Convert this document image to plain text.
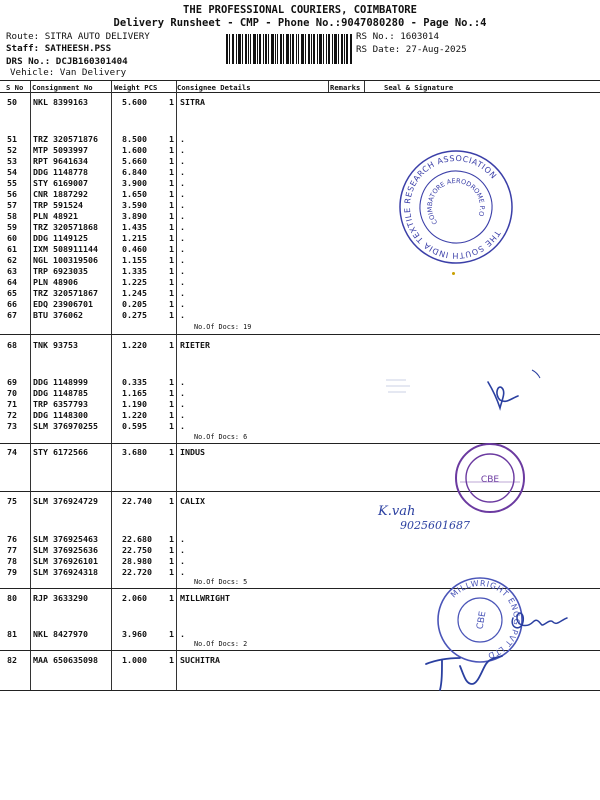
THE PROFESSIONAL COURIERS, COIMBATORE
Delivery Runsheet - CMP - Phone No.:9047080280 - Page No.:4
Route: SITRA AUTO DELIVERY
Staff: SATHEESH.PSS
DRS No.: DCJB160301404
Vehicle: Van Delivery
RS No.: 1603014
RS Date: 27-Aug-2025
S No Consignment No	Weight PCS	Consignee Details	Remarks	Seal & Signature
50 NKL 8399163	5.600	1 SITRA
51 TRZ 320571876	8.500	1 .
52 MTP 5093997	1.600	1 .
53 RPT 9641634	5.660	1 .
54 DDG 1148778	6.840	1 .
55 STY 6169007	3.900	1 .
56 CNR 1887292	1.650	1 .
57 TRP 591524	3.590	1 .
58 PLN 48921	3.890	1 .
59 TRZ 320571868	1.435	1 .
60 DDG 1149125	1.215	1 .
61 IXM 508911144	0.460	1 .
62 NGL 100319506	1.155	1 .
63 TRP 6923035	1.335	1 .
64 PLN 48906	1.225	1 .
65 TRZ 320571867	1.245	1 .
66 EDQ 23906701	0.205	1 .
67 BTU 376062	0.275	1 .
No.Of Docs: 19
68 TNK 93753	1.220	1 RIETER
69 DDG 1148999	0.335	1 .
70 DDG 1148785	1.165	1 .
71 TRP 6357793	1.190	1 .
72 DDG 1148300	1.220	1 .
73 SLM 376970255	0.595	1 .
No.Of Docs: 6
74 STY 6172566	3.680	1 INDUS
75 SLM 376924729	22.740	1 CALIX
76 SLM 376925463	22.680	1 .
77 SLM 376925636	22.750	1 .
78 SLM 376926101	28.980	1 .
79 SLM 376924318	22.720	1 .
No.Of Docs: 5
80 RJP 3633290	2.060	1 MILLWRIGHT
81 NKL 8427970	3.960	1 .
No.Of Docs: 2
82 MAA 650635098	1.000	1 SUCHITRA
THE SOUTH INDIA TEXTILE RESEARCH ASSOCIATION
COIMBATORE AERODROME P.O
CBE
K.vah
9025601687
MILLWRIGHT ENGG PVT LTD
CBE
